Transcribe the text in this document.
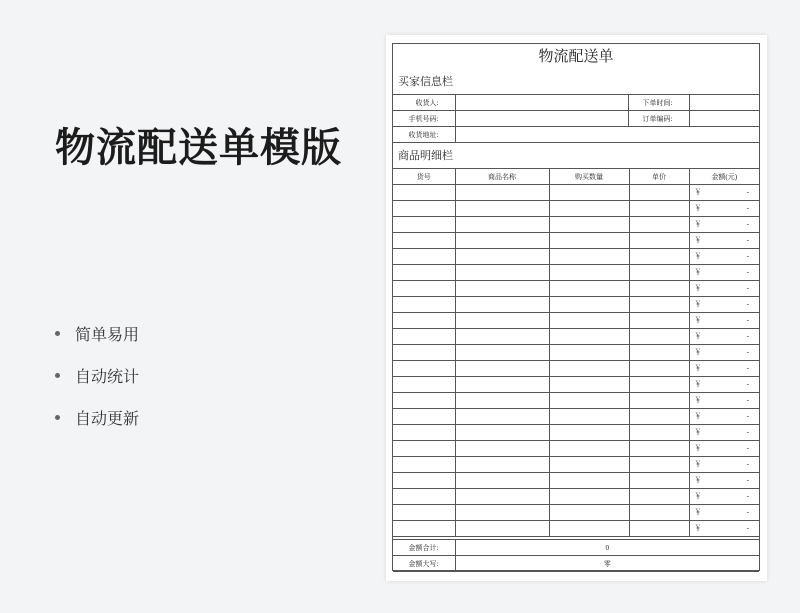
物流配送单模版
简单易用
自动统计
自动更新
物流配送单
买家信息栏
收货人:		下单时间:	
手机号码:		订单编码:	
收货地址:			
商品明细栏
货号	商品名称	购买数量	单价	金额(元)

				￥ -

				￥ -

				￥ -

				￥ -

				￥ -

				￥ -

				￥ -

				￥ -

				￥ -

				￥ -

				￥ -

				￥ -

				￥ -

				￥ -

				￥ -

				￥ -

				￥ -

				￥ -

				￥ -

				￥ -

				￥ -

				￥ -
金额合计:	0
金额大写:	零
